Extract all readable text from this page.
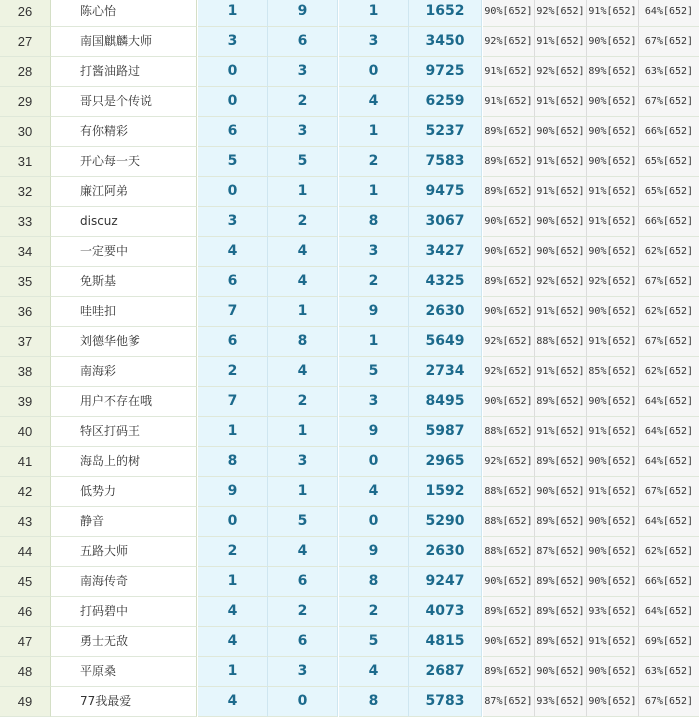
26	陈心怡	1	9	1	1652	90%[652] 92%[652] 91%[652] 64%[652]
27	南国麒麟大师	3	6	3	3450	92%[652] 91%[652] 90%[652] 67%[652]
28	打酱油路过	0	3	0	9725	91%[652] 92%[652] 89%[652] 63%[652]
29	哥只是个传说	0	2	4	6259	91%[652] 91%[652] 90%[652] 67%[652]
30	有你精彩	6	3	1	5237	89%[652] 90%[652] 90%[652] 66%[652]
31	开心每一天	5	5	2	7583	89%[652] 91%[652] 90%[652] 65%[652]
32	廉江阿弟	0	1	1	9475	89%[652] 91%[652] 91%[652] 65%[652]
33	discuz	3	2	8	3067	90%[652] 90%[652] 91%[652] 66%[652]
34	一定要中	4	4	3	3427	90%[652] 90%[652] 90%[652] 62%[652]
35	免斯基	6	4	2	4325	89%[652] 92%[652] 92%[652] 67%[652]
36	哇哇扣	7	1	9	2630	90%[652] 91%[652] 90%[652] 62%[652]
37	刘德华他爹	6	8	1	5649	92%[652] 88%[652] 91%[652] 67%[652]
38	南海彩	2	4	5	2734	92%[652] 91%[652] 85%[652] 62%[652]
39	用户不存在哦	7	2	3	8495	90%[652] 89%[652] 90%[652] 64%[652]
40	特区打码王	1	1	9	5987	88%[652] 91%[652] 91%[652] 64%[652]
41	海岛上的树	8	3	0	2965	92%[652] 89%[652] 90%[652] 64%[652]
42	低势力	9	1	4	1592	88%[652] 90%[652] 91%[652] 67%[652]
43	静音	0	5	0	5290	88%[652] 89%[652] 90%[652] 64%[652]
44	五路大师	2	4	9	2630	88%[652] 87%[652] 90%[652] 62%[652]
45	南海传奇	1	6	8	9247	90%[652] 89%[652] 90%[652] 66%[652]
46	打码碧中	4	2	2	4073	89%[652] 89%[652] 93%[652] 64%[652]
47	勇士无敌	4	6	5	4815	90%[652] 89%[652] 91%[652] 69%[652]
48	平原桑	1	3	4	2687	89%[652] 90%[652] 90%[652] 63%[652]
49	77我最爱	4	0	8	5783	87%[652] 93%[652] 90%[652] 67%[652]
